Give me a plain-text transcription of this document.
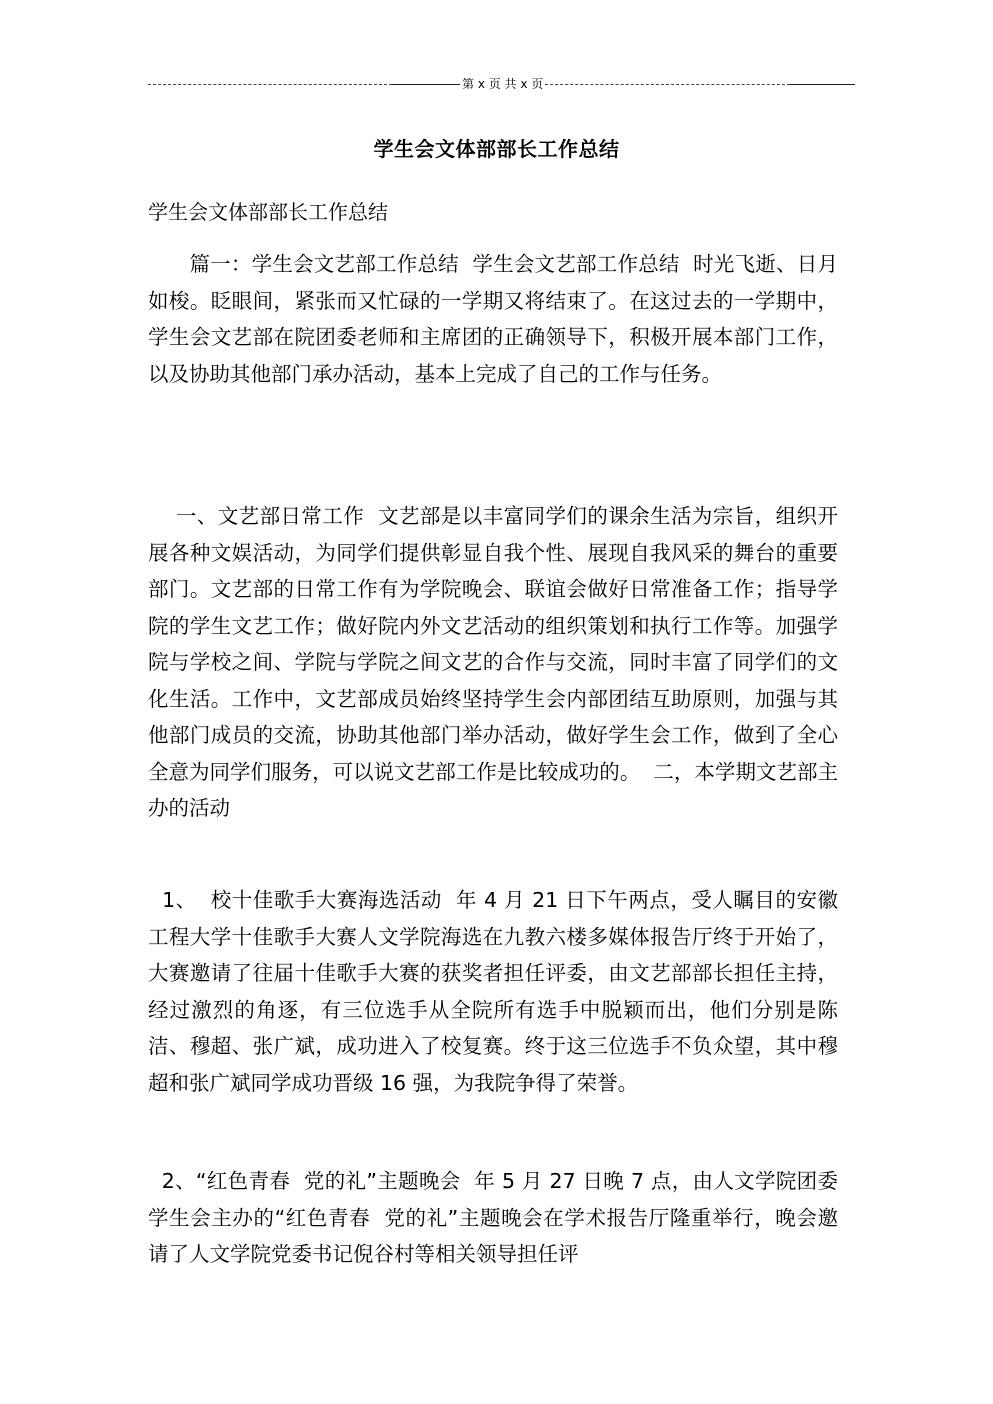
第 x 页 共 x 页
学生会文体部部长工作总结
学生会文体部部长工作总结

　　篇一：学生会文艺部工作总结  学生会文艺部工作总结  时光飞逝、日月如梭。眨眼间，紧张而又忙碌的一学期又将结束了。在这过去的一学期中，学生会文艺部在院团委老师和主席团的正确领导下，积极开展本部门工作，以及协助其他部门承办活动，基本上完成了自己的工作与任务。

　 一、文艺部日常工作  文艺部是以丰富同学们的课余生活为宗旨，组织开展各种文娱活动，为同学们提供彰显自我个性、展现自我风采的舞台的重要部门。文艺部的日常工作有为学院晚会、联谊会做好日常准备工作；指导学院的学生文艺工作；做好院内外文艺活动的组织策划和执行工作等。加强学院与学校之间、学院与学院之间文艺的合作与交流，同时丰富了同学们的文化生活。工作中，文艺部成员始终坚持学生会内部团结互助原则，加强与其他部门成员的交流，协助其他部门举办活动，做好学生会工作，做到了全心全意为同学们服务，可以说文艺部工作是比较成功的。  二，本学期文艺部主办的活动

1、  校十佳歌手大赛海选活动  年 4 月 21 日下午两点，受人瞩目的安徽工程大学十佳歌手大赛人文学院海选在九教六楼多媒体报告厅终于开始了，大赛邀请了往届十佳歌手大赛的获奖者担任评委，由文艺部部长担任主持，经过激烈的角逐，有三位选手从全院所有选手中脱颖而出，他们分别是陈洁、穆超、张广斌，成功进入了校复赛。终于这三位选手不负众望，其中穆超和张广斌同学成功晋级 16 强，为我院争得了荣誉。

2、“红色青春  党的礼”主题晚会  年 5 月 27 日晚 7 点，由人文学院团委  学生会主办的“红色青春  党的礼”主题晚会在学术报告厅隆重举行，晚会邀请了人文学院党委书记倪谷村等相关领导担任评
